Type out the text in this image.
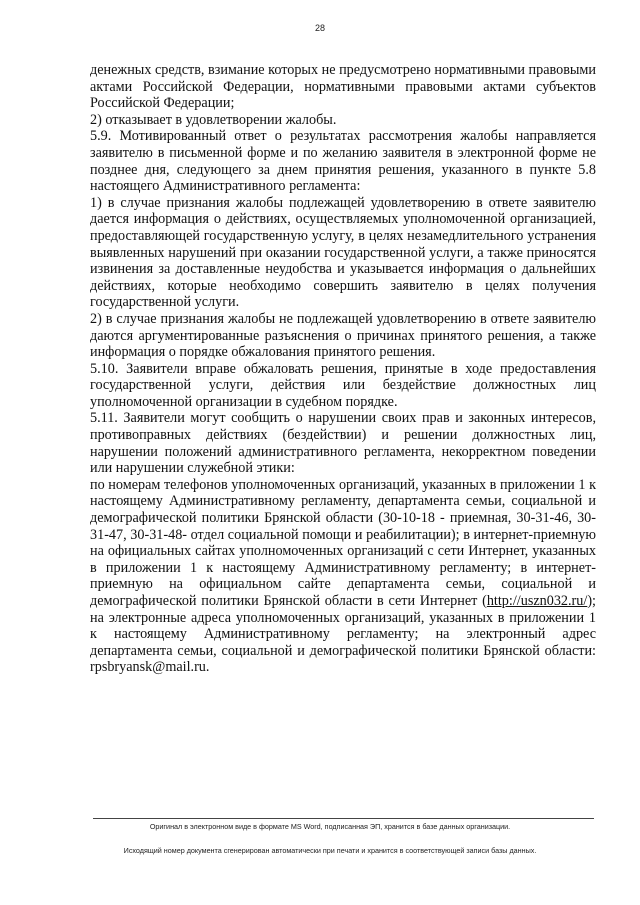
28

денежных средств, взимание которых не предусмотрено нормативными правовыми актами Российской Федерации, нормативными правовыми актами субъектов Российской Федерации;

2) отказывает в удовлетворении жалобы.

5.9. Мотивированный ответ о результатах рассмотрения жалобы направляется заявителю в письменной форме и по желанию заявителя в электронной форме не позднее дня, следующего за днем принятия решения, указанного в пункте 5.8 настоящего Административного регламента:

1) в случае признания жалобы подлежащей удовлетворению в ответе заявителю дается информация о действиях, осуществляемых уполномоченной организацией, предоставляющей государственную услугу, в целях незамедлительного устранения выявленных нарушений при оказании государственной услуги, а также приносятся извинения за доставленные неудобства и указывается информация о дальнейших действиях, которые необходимо совершить заявителю в целях получения государственной услуги.

2) в случае признания жалобы не подлежащей удовлетворению в ответе заявителю даются аргументированные разъяснения о причинах принятого решения, а также информация о порядке обжалования принятого решения.

5.10. Заявители вправе обжаловать решения, принятые в ходе предоставления государственной услуги, действия или бездействие должностных лиц уполномоченной организации в судебном порядке.

5.11. Заявители могут сообщить о нарушении своих прав и законных интересов, противоправных действиях (бездействии) и решении должностных лиц, нарушении положений административного регламента, некорректном поведении или нарушении служебной этики:

по номерам телефонов уполномоченных организаций, указанных в приложении 1 к настоящему Административному регламенту, департамента семьи, социальной и демографической политики Брянской области (30-10-18 - приемная, 30-31-46, 30-31-47, 30-31-48- отдел социальной помощи и реабилитации); в интернет-приемную на официальных сайтах уполномоченных организаций с сети Интернет, указанных в приложении 1 к настоящему Административному регламенту; в интернет-приемную на официальном сайте департамента семьи, социальной и демографической политики Брянской области в сети Интернет (http://uszn032.ru/); на электронные адреса уполномоченных организаций, указанных в приложении 1 к настоящему Административному регламенту; на электронный адрес департамента семьи, социальной и демографической политики Брянской области: rpsbryansk@mail.ru.

Оригинал в электронном виде в формате MS Word, подписанная ЭП, хранится в базе данных организации.
Исходящий номер документа сгенерирован автоматически при печати и хранится в соответствующей записи базы данных.
